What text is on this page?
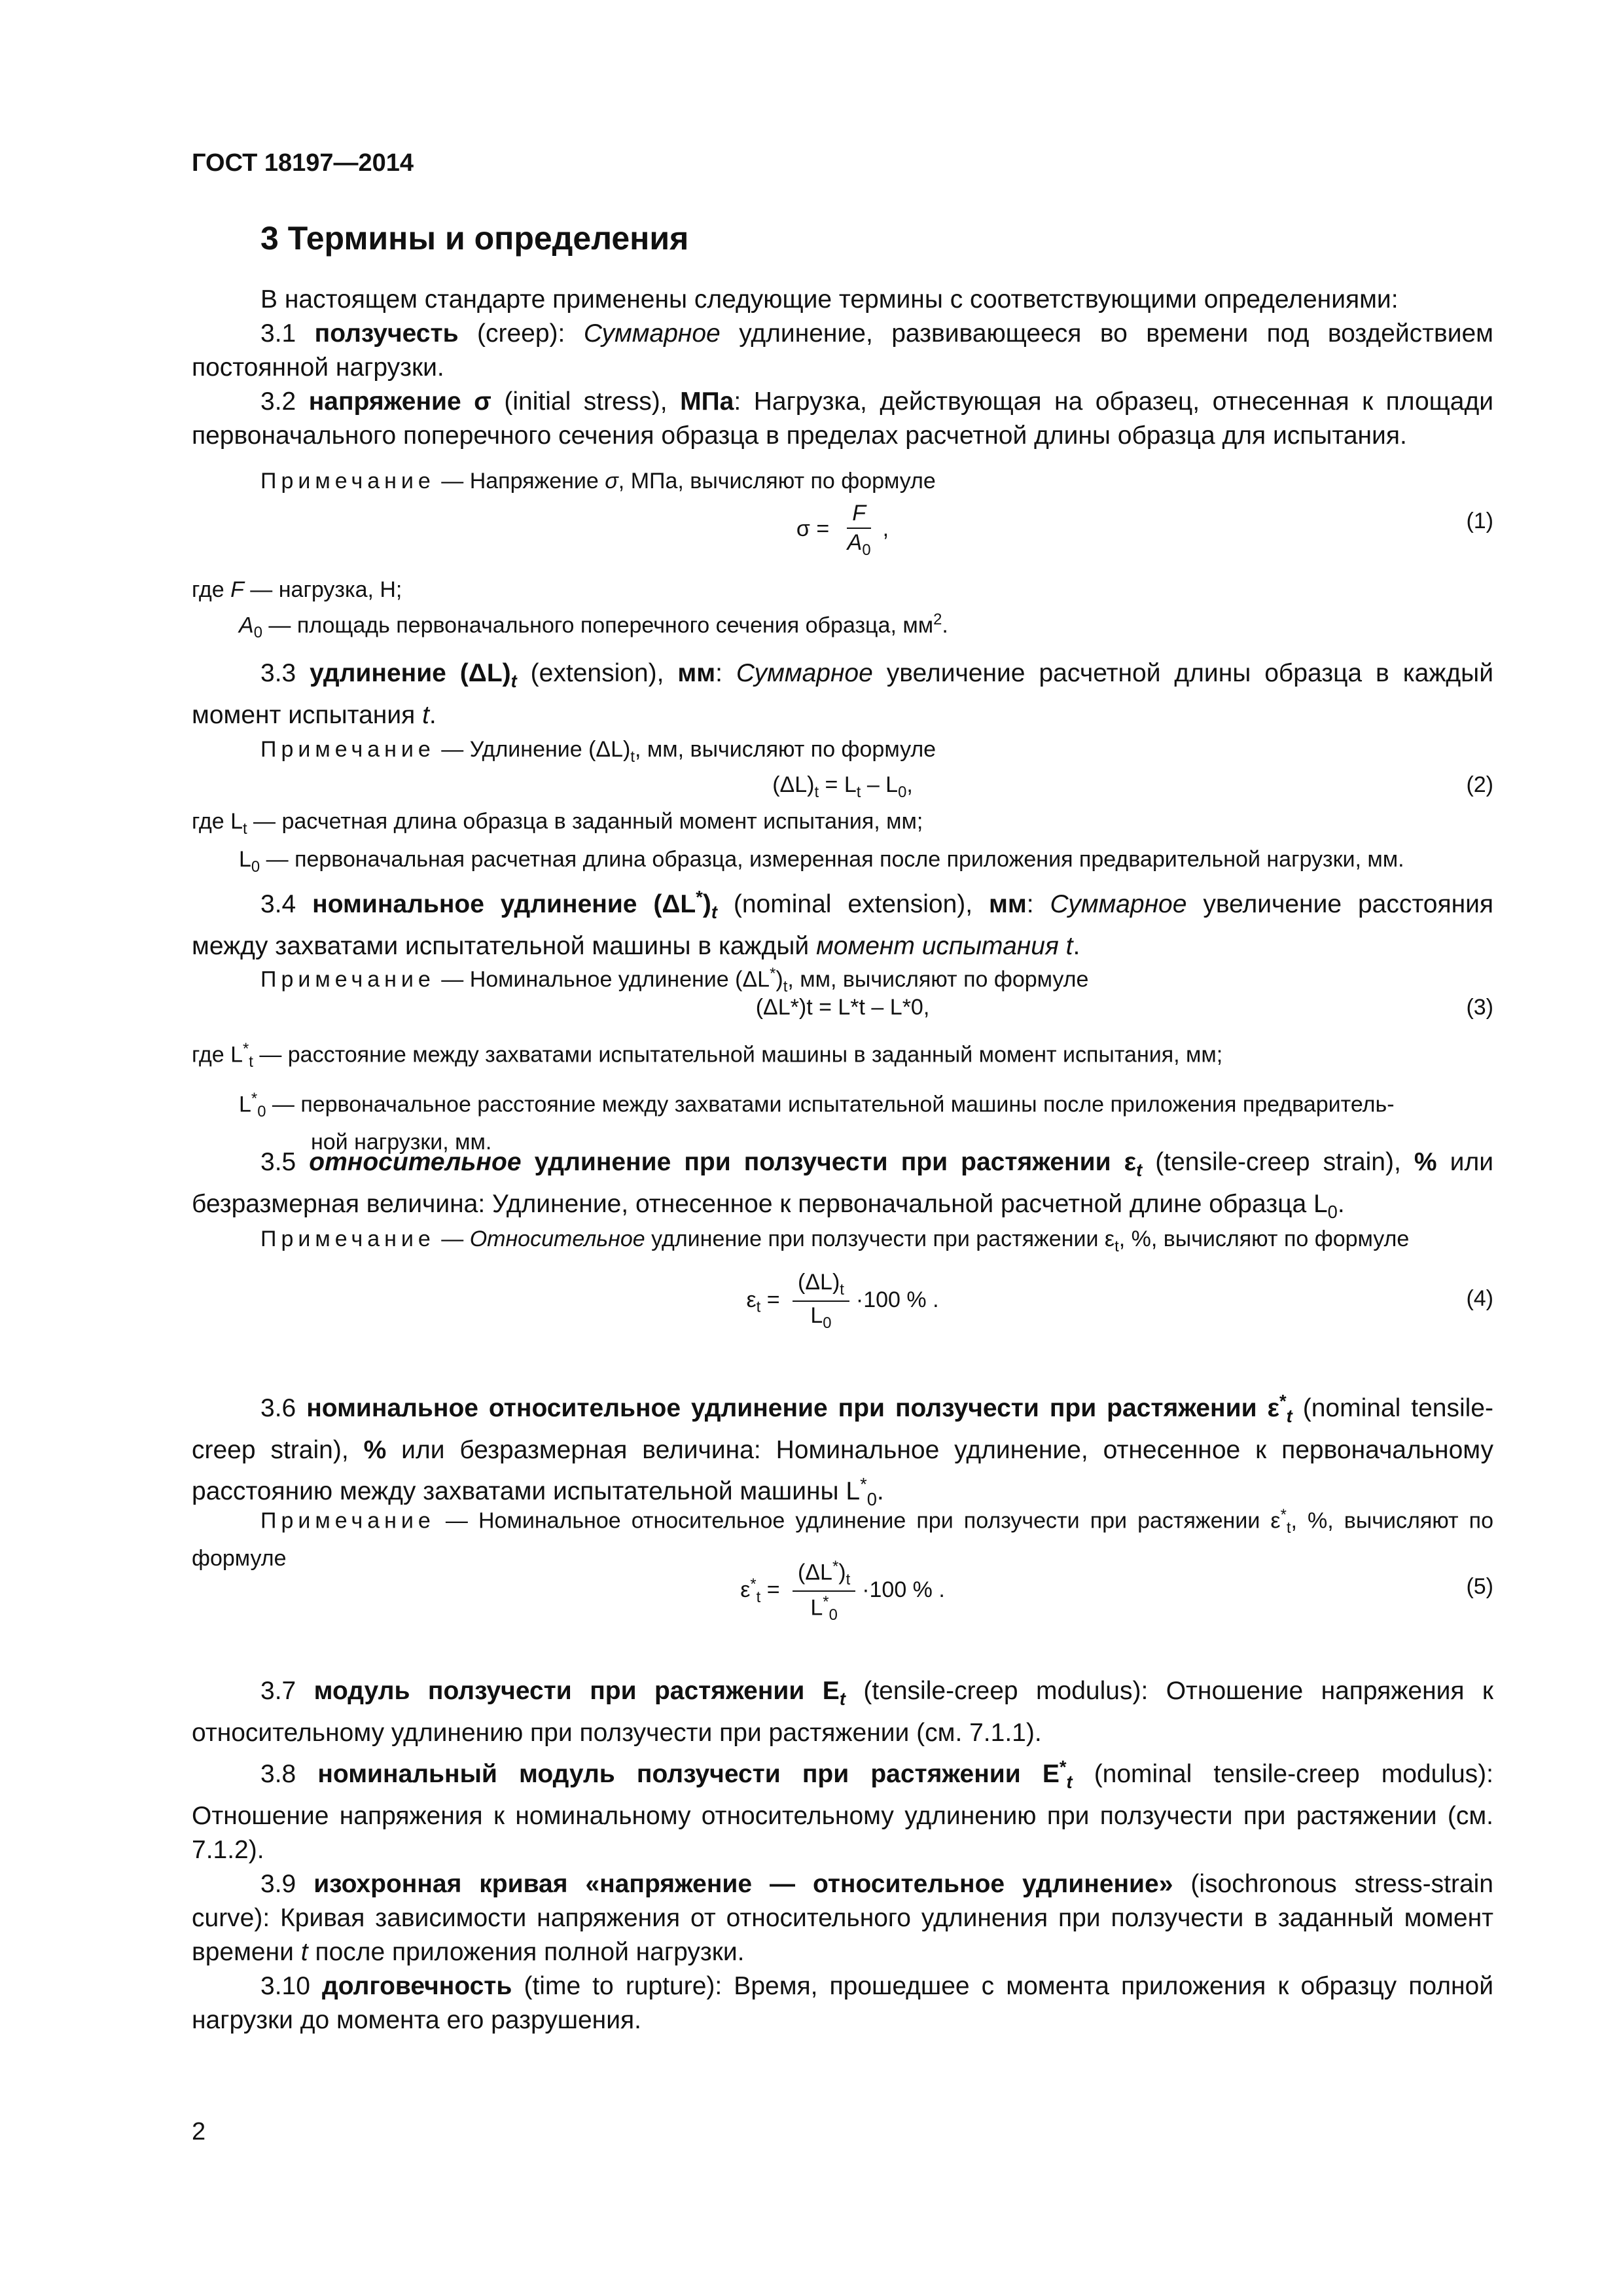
ГОСТ 18197—2014
3 Термины и определения

В настоящем стандарте применены следующие термины с соответствующими определениями:

3.1 ползучесть (creep): Суммарное удлинение, развивающееся во времени под воздействием постоянной нагрузки.

3.2 напряжение σ (initial stress), МПа: Нагрузка, действующая на образец, отнесенная к площади первоначального поперечного сечения образца в пределах расчетной длины образца для испытания.

Примечание — Напряжение σ, МПа, вычисляют по формуле

$\sigma = \frac{F}{A_0}$ ,	(1)

где F — нагрузка, Н;

$A_0$ — площадь первоначального поперечного сечения образца, $мм^2$.

3.3 удлинение $(\Delta L)_t$ (extension), мм: Суммарное увеличение расчетной длины образца в каждый момент испытания t.

Примечание — Удлинение $(\Delta L)_t$, мм, вычисляют по формуле

$(\Delta L)_t = L_t - L_0$,	(2)

где $L_t$ — расчетная длина образца в заданный момент испытания, мм;

$L_0$ — первоначальная расчетная длина образца, измеренная после приложения предварительной нагрузки, мм.

3.4 номинальное удлинение $(\Delta L^*)_t$ (nominal extension), мм: Суммарное увеличение расстояния между захватами испытательной машины в каждый момент испытания t.

Примечание — Номинальное удлинение $(\Delta L^*)_t$, мм, вычисляют по формуле

(ΔL*)t = L*t – L*0,	(3)

где $L^*_t$ — расстояние между захватами испытательной машины в заданный момент испытания, мм;

$L^*_0$ — первоначальное расстояние между захватами испытательной машины после приложения предваритель-

ной нагрузки, мм.

3.5 относительное удлинение при ползучести при растяжении $\varepsilon_t$ (tensile-creep strain), % или безразмерная величина: Удлинение, отнесенное к первоначальной расчетной длине образца $L_0$.

Примечание — Относительное удлинение при ползучести при растяжении $\varepsilon_t$, %, вычисляют по формуле

$\varepsilon_t = \frac{(\Delta L)_t}{L_0} \cdot 100$ % .	(4)

3.6 номинальное относительное удлинение при ползучести при растяжении $\varepsilon^*_t$ (nominal tensile-creep strain), % или безразмерная величина: Номинальное удлинение, отнесенное к первоначальному расстоянию между захватами испытательной машины $L^*_0$.

Примечание — Номинальное относительное удлинение при ползучести при растяжении $\varepsilon^*_t$, %, вычисляют по формуле

$\varepsilon^*_t = \frac{(\Delta L^*)_t}{L^*_0} \cdot 100$ % .	(5)

3.7 модуль ползучести при растяжении $E_t$ (tensile-creep modulus): Отношение напряжения к относительному удлинению при ползучести при растяжении (см. 7.1.1).

3.8 номинальный модуль ползучести при растяжении $E^*_t$ (nominal tensile-creep modulus): Отношение напряжения к номинальному относительному удлинению при ползучести при растяжении (см. 7.1.2).

3.9 изохронная кривая «напряжение — относительное удлинение» (isochronous stress-strain curve): Кривая зависимости напряжения от относительного удлинения при ползучести в заданный момент времени t после приложения полной нагрузки.

3.10 долговечность (time to rupture): Время, прошедшее с момента приложения к образцу полной нагрузки до момента его разрушения.

2
